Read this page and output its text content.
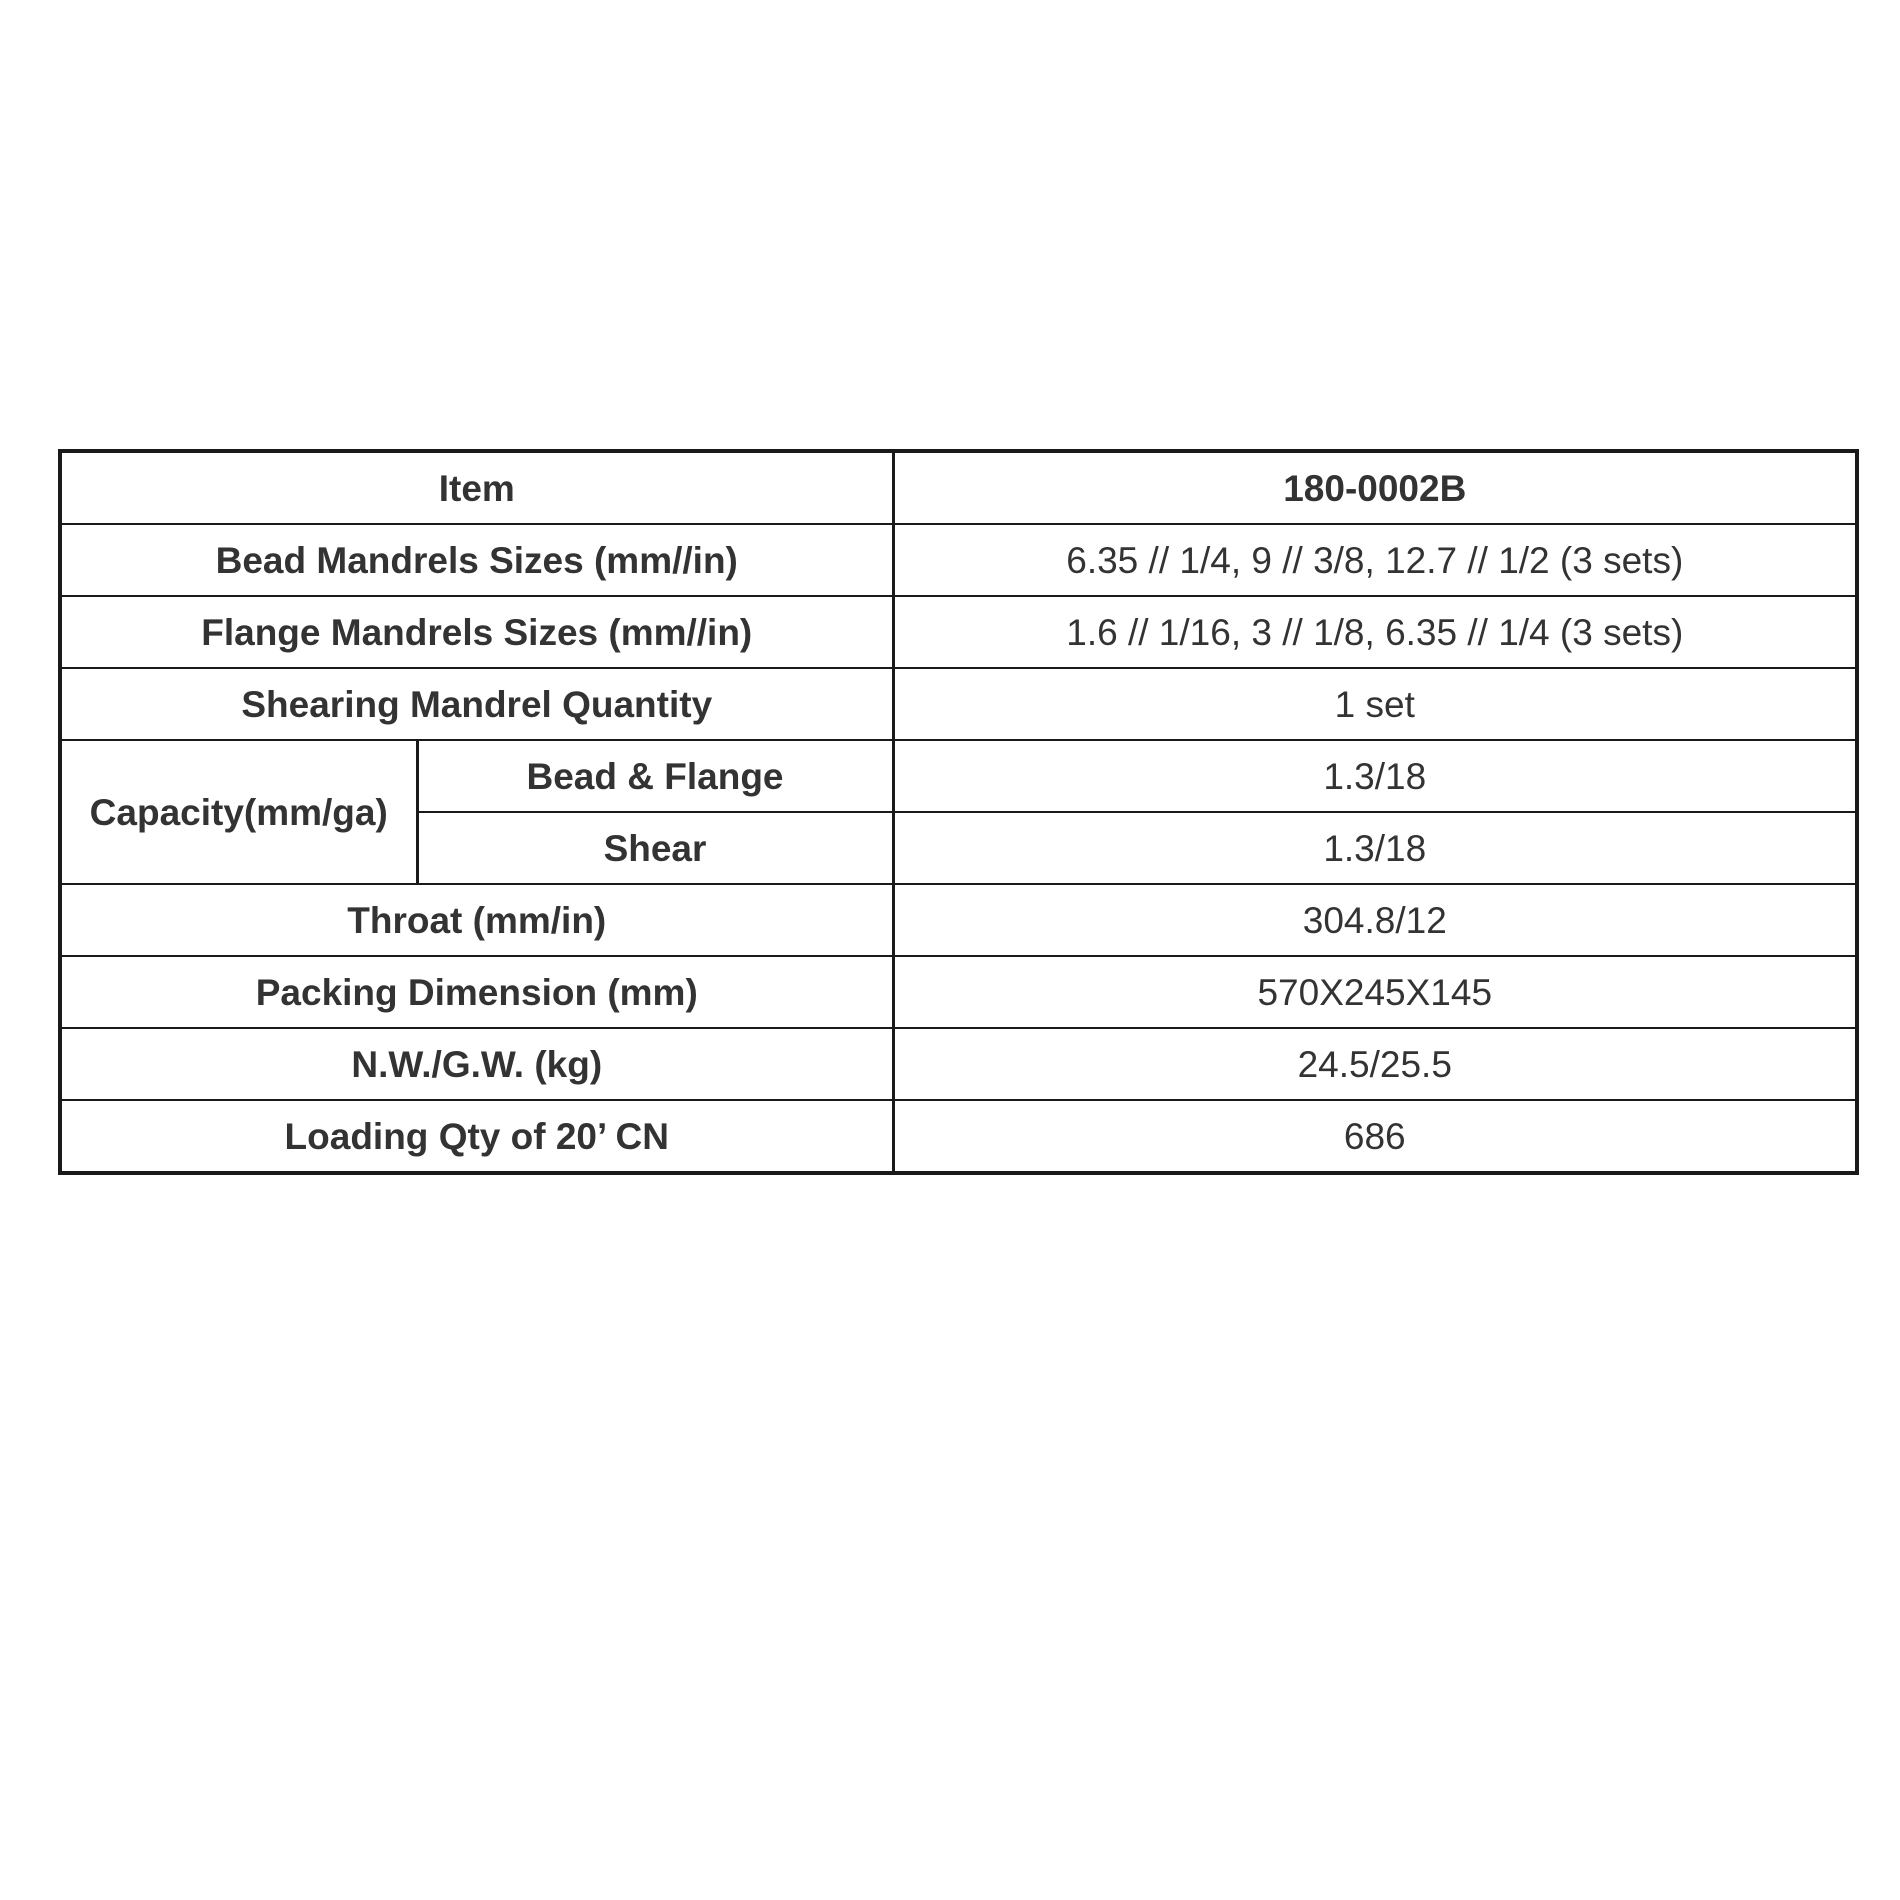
Item		180-0002B
Bead Mandrels Sizes (mm//in)		6.35 // 1/4, 9 // 3/8, 12.7 // 1/2 (3 sets)
Flange Mandrels Sizes (mm//in)		1.6 // 1/16, 3 // 1/8, 6.35 // 1/4 (3 sets)
Shearing Mandrel Quantity		1 set
Capacity(mm/ga)	Bead & Flange	1.3/18
	Shear	1.3/18
Throat (mm/in)		304.8/12
Packing Dimension (mm)		570X245X145
N.W./G.W. (kg)		24.5/25.5
Loading Qty of 20’ CN		686
